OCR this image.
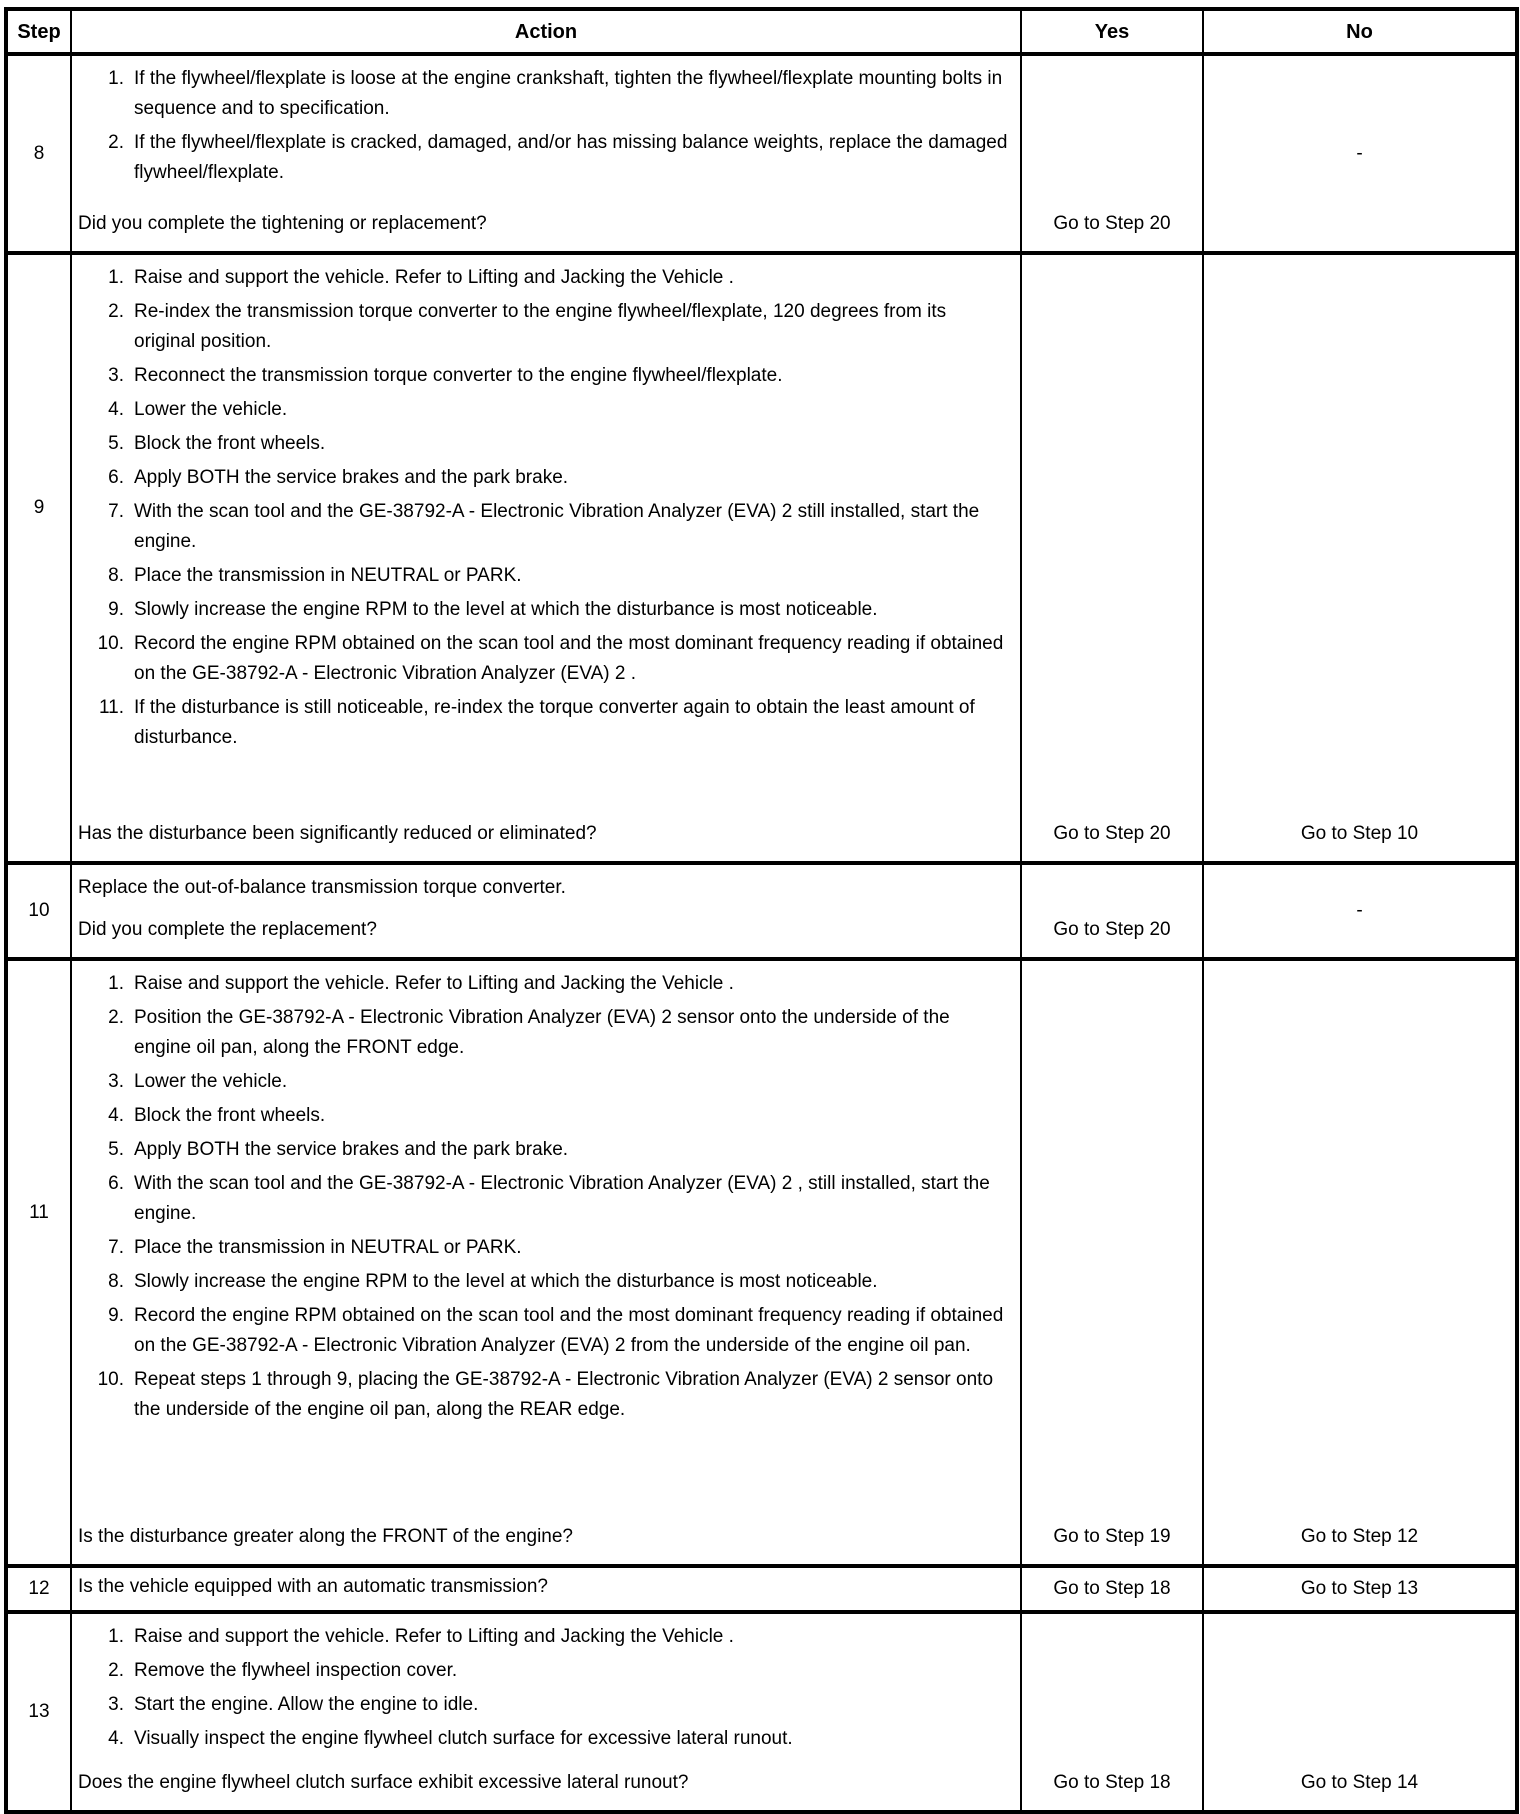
Step	Action	Yes	No
8	If the flywheel/flexplate is loose at the engine crankshaft, tighten the flywheel/flexplate mounting bolts in sequence and to specification.
If the flywheel/flexplate is cracked, damaged, and/or has missing balance weights, replace the damaged flywheel/flexplate.
Did you complete the tightening or replacement?	Go to Step 20	-
9	
Raise and support the vehicle. Refer to Lifting and Jacking the Vehicle .
Re-index the transmission torque converter to the engine flywheel/flexplate, 120 degrees from its original position.
Reconnect the transmission torque converter to the engine flywheel/flexplate.
Lower the vehicle.
Block the front wheels.
Apply BOTH the service brakes and the park brake.
With the scan tool and the GE-38792-A - Electronic Vibration Analyzer (EVA) 2 still installed, start the engine.
Place the transmission in NEUTRAL or PARK.
Slowly increase the engine RPM to the level at which the disturbance is most noticeable.
Record the engine RPM obtained on the scan tool and the most dominant frequency reading if obtained on the GE-38792-A - Electronic Vibration Analyzer (EVA) 2 .
If the disturbance is still noticeable, re-index the torque converter again to obtain the least amount of disturbance.
Has the disturbance been significantly reduced or eliminated?	Go to Step 20	Go to Step 10
10	Replace the out-of-balance transmission torque converter.
Did you complete the replacement?	Go to Step 20	-
11	
Raise and support the vehicle. Refer to Lifting and Jacking the Vehicle .
Position the GE-38792-A - Electronic Vibration Analyzer (EVA) 2 sensor onto the underside of the engine oil pan, along the FRONT edge.
Lower the vehicle.
Block the front wheels.
Apply BOTH the service brakes and the park brake.
With the scan tool and the GE-38792-A - Electronic Vibration Analyzer (EVA) 2 , still installed, start the engine.
Place the transmission in NEUTRAL or PARK.
Slowly increase the engine RPM to the level at which the disturbance is most noticeable.
Record the engine RPM obtained on the scan tool and the most dominant frequency reading if obtained on the GE-38792-A - Electronic Vibration Analyzer (EVA) 2 from the underside of the engine oil pan.
Repeat steps 1 through 9, placing the GE-38792-A - Electronic Vibration Analyzer (EVA) 2 sensor onto the underside of the engine oil pan, along the REAR edge.
Is the disturbance greater along the FRONT of the engine?	Go to Step 19	Go to Step 12
12	Is the vehicle equipped with an automatic transmission?	Go to Step 18	Go to Step 13
13	Raise and support the vehicle. Refer to Lifting and Jacking the Vehicle .
Remove the flywheel inspection cover.
Start the engine. Allow the engine to idle.
Visually inspect the engine flywheel clutch surface for excessive lateral runout.
Does the engine flywheel clutch surface exhibit excessive lateral runout?	Go to Step 18	Go to Step 14
